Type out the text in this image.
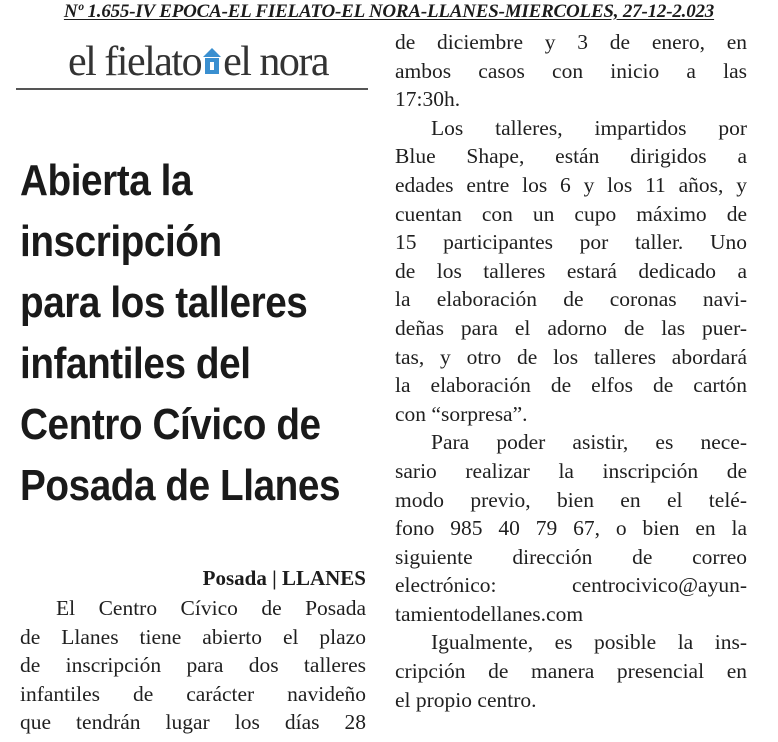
Nº 1.655-IV EPOCA-EL FIELATO-EL NORA-LLANES-MIERCOLES, 27-12-2.023
el fielato el nora
Abierta la
inscripción
para los talleres
infantiles del
Centro Cívico de
Posada de Llanes
Posada | LLANES
El Centro Cívico de Posada
de Llanes tiene abierto el plazo
de inscripción para dos talleres
infantiles de carácter navideño
que tendrán lugar los días 28
de diciembre y 3 de enero, en
ambos casos con inicio a las
17:30h.
Los talleres, impartidos por
Blue Shape, están dirigidos a
edades entre los 6 y los 11 años, y
cuentan con un cupo máximo de
15 participantes por taller. Uno
de los talleres estará dedicado a
la elaboración de coronas navi-
deñas para el adorno de las puer-
tas, y otro de los talleres abordará
la elaboración de elfos de cartón
con “sorpresa”.
Para poder asistir, es nece-
sario realizar la inscripción de
modo previo, bien en el telé-
fono 985 40 79 67, o bien en la
siguiente dirección de correo
electrónico: centrocivico@ayun-
tamientodellanes.com
Igualmente, es posible la ins-
cripción de manera presencial en
el propio centro.
